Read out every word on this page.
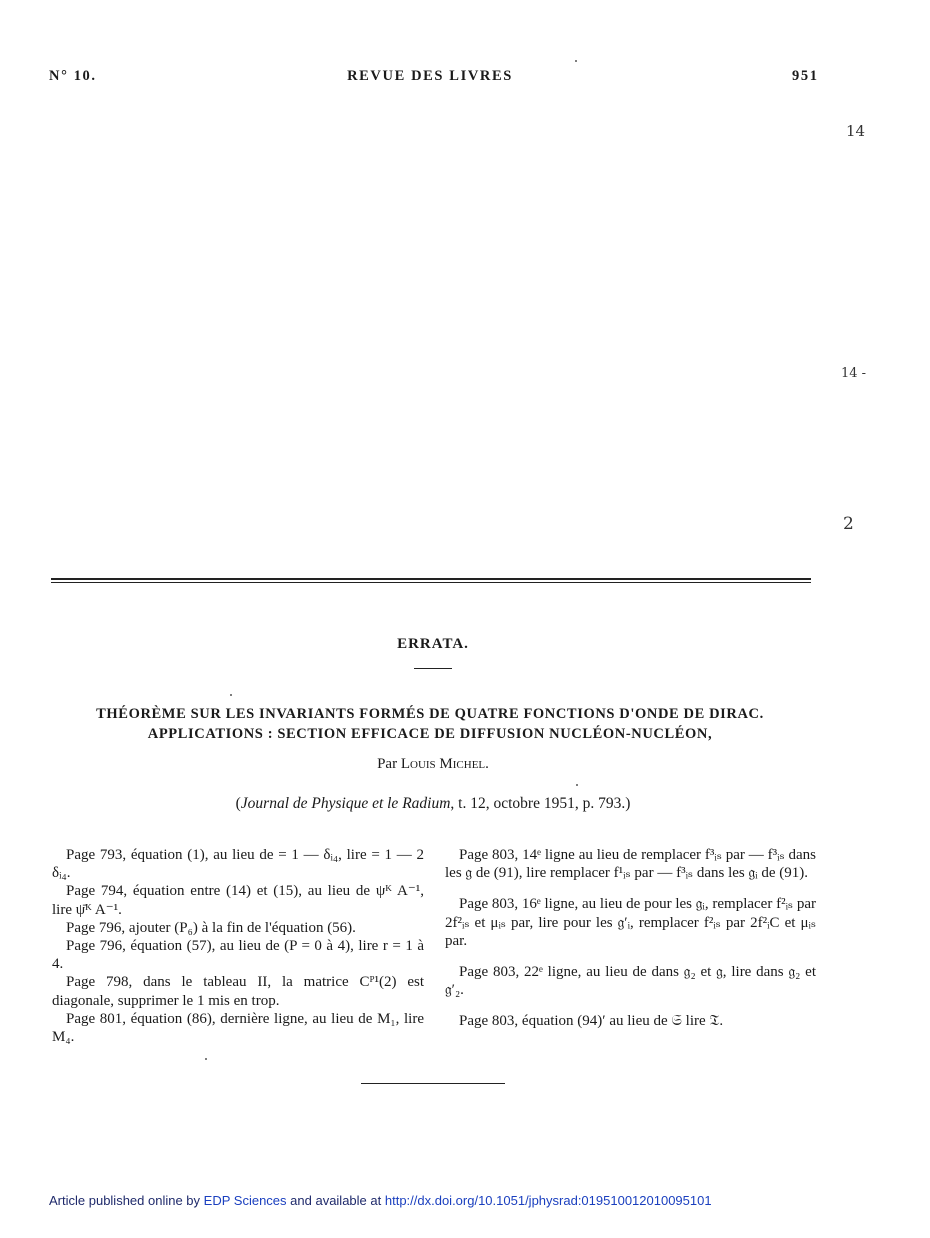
N° 10.	REVUE DES LIVRES	951
14
14 -
2
ERRATA.
THÉORÈME SUR LES INVARIANTS FORMÉS DE QUATRE FONCTIONS D'ONDE DE DIRAC.
APPLICATIONS : SECTION EFFICACE DE DIFFUSION NUCLÉON-NUCLÉON,
Par Louis Michel.
(Journal de Physique et le Radium, t. 12, octobre 1951, p. 793.)

Page 793, équation (1), au lieu de = 1 — δᵢ₄, lire = 1 — 2 δᵢ₄.

Page 794, équation entre (14) et (15), au lieu de ψᴷ A⁻¹, lire ψ̄ᴷ A⁻¹.

Page 796, ajouter (P₆) à la fin de l'équation (56).

Page 796, équation (57), au lieu de (P = 0 à 4), lire r = 1 à 4.

Page 798, dans le tableau II, la matrice Cᴾ¹(2) est diagonale, supprimer le 1 mis en trop.

Page 801, équation (86), dernière ligne, au lieu de M₁, lire M₄.

Page 803, 14ᵉ ligne au lieu de remplacer f³ᵢₛ par — f³ᵢₛ dans les 𝔤 de (91), lire remplacer f¹ᵢₛ par — f³ᵢₛ dans les 𝔤ᵢ de (91).

Page 803, 16ᵉ ligne, au lieu de pour les 𝔤ᵢ, remplacer f²ᵢₛ par 2f²ᵢₛ et μᵢₛ par, lire pour les 𝔤′ᵢ, remplacer f²ᵢₛ par 2f²ᵢC et μᵢₛ par.

Page 803, 22ᵉ ligne, au lieu de dans 𝔤₂ et 𝔤, lire dans 𝔤₂ et 𝔤′₂.

Page 803, équation (94)′ au lieu de 𝔖 lire 𝔗.

Article published online by EDP Sciences and available at http://dx.doi.org/10.1051/jphysrad:019510012010095101
